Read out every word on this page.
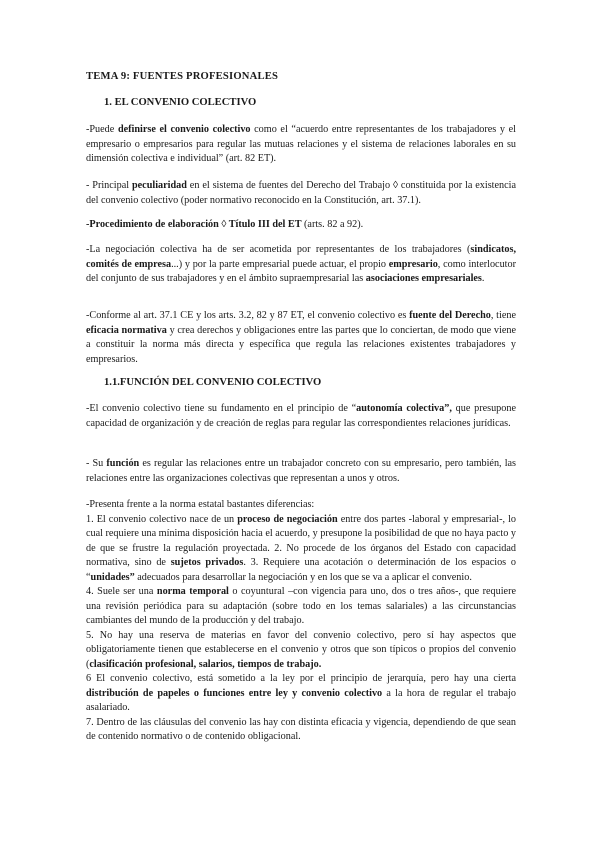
TEMA 9: FUENTES PROFESIONALES
1. EL CONVENIO COLECTIVO

-Puede definirse el convenio colectivo como el “acuerdo entre representantes de los trabajadores y el empresario o empresarios para regular las mutuas relaciones y el sistema de relaciones laborales en su dimensión colectiva e individual” (art. 82 ET).

- Principal peculiaridad en el sistema de fuentes del Derecho del Trabajo ◊ constituida por la existencia del convenio colectivo (poder normativo reconocido en la Constitución, art. 37.1).

-Procedimiento de elaboración ◊ Título III del ET (arts. 82 a 92).

-La negociación colectiva ha de ser acometida por representantes de los trabajadores (sindicatos, comités de empresa...) y por la parte empresarial puede actuar, el propio empresario, como interlocutor del conjunto de sus trabajadores y en el ámbito supraempresarial las asociaciones empresariales.

-Conforme al art. 37.1 CE y los arts. 3.2, 82 y 87 ET, el convenio colectivo es fuente del Derecho, tiene eficacia normativa y crea derechos y obligaciones entre las partes que lo conciertan, de modo que viene a constituir la norma más directa y específica que regula las relaciones existentes trabajadores y empresarios.

1.1.FUNCIÓN DEL CONVENIO COLECTIVO

-El convenio colectivo tiene su fundamento en el principio de “autonomía colectiva”, que presupone capacidad de organización y de creación de reglas para regular las correspondientes relaciones jurídicas.

- Su función es regular las relaciones entre un trabajador concreto con su empresario, pero también, las relaciones entre las organizaciones colectivas que representan a unos y otros.

-Presenta frente a la norma estatal bastantes diferencias:
1. El convenio colectivo nace de un proceso de negociación entre dos partes -laboral y empresarial-, lo cual requiere una mínima disposición hacia el acuerdo, y presupone la posibilidad de que no haya pacto y de que se frustre la regulación proyectada. 2. No procede de los órganos del Estado con capacidad normativa, sino de sujetos privados. 3. Requiere una acotación o determinación de los espacios o “unidades” adecuados para desarrollar la negociación y en los que se va a aplicar el convenio.
4. Suele ser una norma temporal o coyuntural –con vigencia para uno, dos o tres años-, que requiere una revisión periódica para su adaptación (sobre todo en los temas salariales) a las circunstancias cambiantes del mundo de la producción y del trabajo.
5. No hay una reserva de materias en favor del convenio colectivo, pero sí hay aspectos que obligatoriamente tienen que establecerse en el convenio y otros que son típicos o propios del convenio (clasificación profesional, salarios, tiempos de trabajo.
6 El convenio colectivo, está sometido a la ley por el principio de jerarquía, pero hay una cierta distribución de papeles o funciones entre ley y convenio colectivo a la hora de regular el trabajo asalariado.
7. Dentro de las cláusulas del convenio las hay con distinta eficacia y vigencia, dependiendo de que sean de contenido normativo o de contenido obligacional.
